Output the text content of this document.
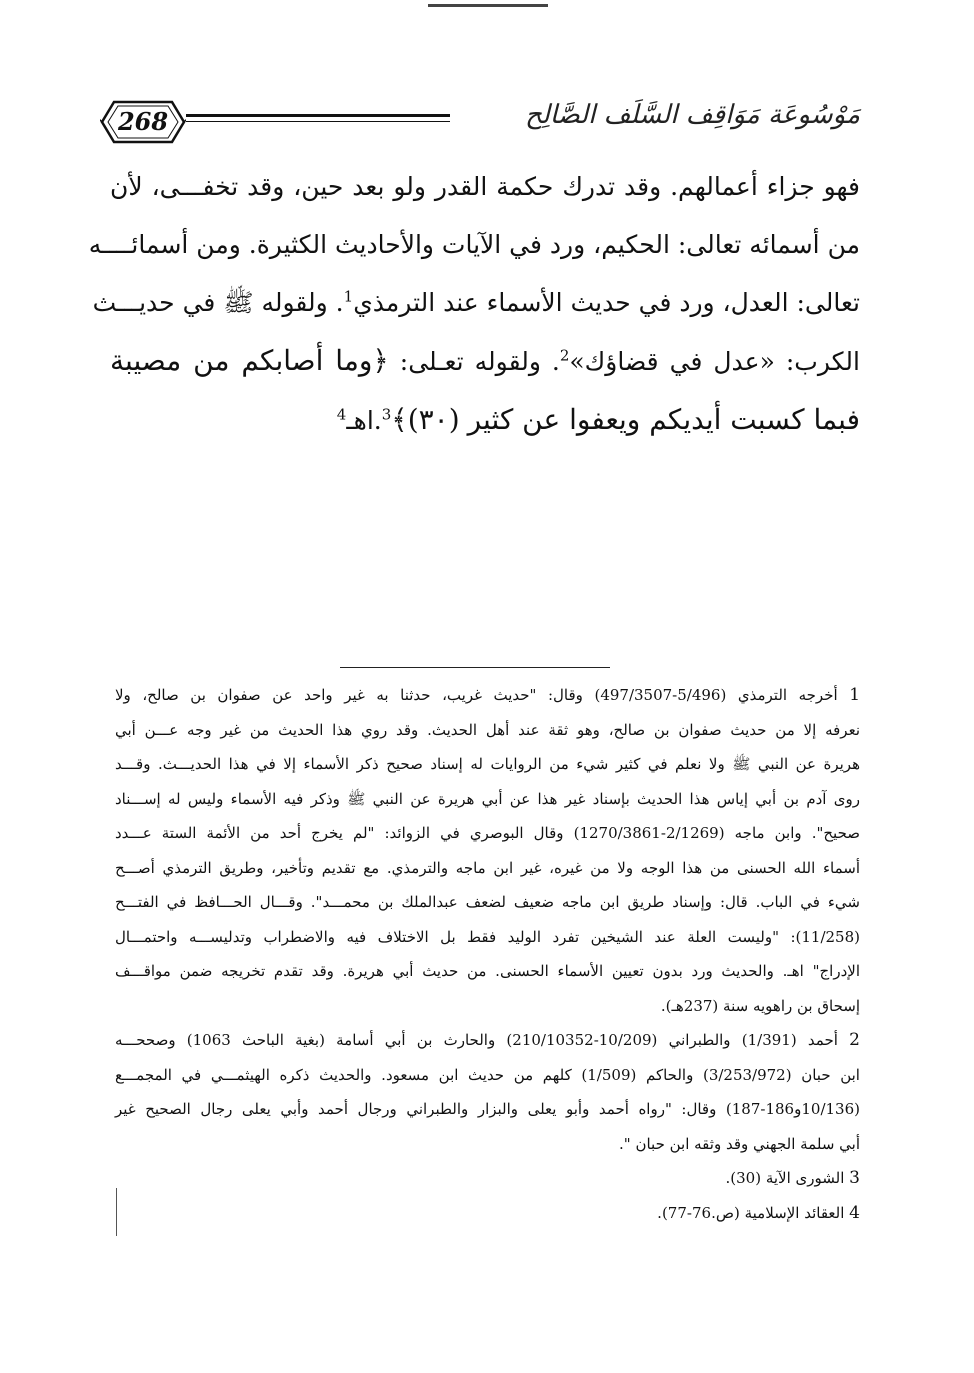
268	مَوْسُوعَة مَوَاقِف السَّلَف الصَّالِح
فهو جزاء أعمالهم. وقد تدرك حكمة القدر ولو بعد حين، وقد تخفـــى، لأن
من أسمائه تعالى: الحكيم، ورد في الآيات والأحاديث الكثيرة. ومن أسمائــــه
تعالى: العدل، ورد في حديث الأسماء عند الترمذي$^1$. ولقوله ﷺ في حديـــث
الكرب: «عدل في قضاؤك»$^2$. ولقوله تعـلى: ﴿وما أصابكم من مصيبة
فبما كسبت أيديكم ويعفوا عن كثير (٣٠)﴾$^3$.اهـ$^4$
1 أخرجه الترمذي (5/496-497/3507) وقال: "حديث غريب، حدثنا به غير واحد عن صفوان بن صالح، ولا
نعرفه إلا من حديث صفوان بن صالح، وهو ثقة عند أهل الحديث. وقد روي هذا الحديث من غير وجه عـــن أبي
هريرة عن النبي ﷺ ولا نعلم في كثير شيء من الروايات له إسناد صحيح ذكر الأسماء إلا في هذا الحديـــث. وقـــد
روى آدم بن أبي إياس هذا الحديث بإسناد غير هذا عن أبي هريرة عن النبي ﷺ وذكر فيه الأسماء وليس له إســـناد
صحيح". وابن ماجه (2/1269-1270/3861) وقال البوصري في الزوائد: "لم يخرج أحد من الأئمة الستة عـــدد
أسماء الله الحسنى من هذا الوجه ولا من غيره، غير ابن ماجه والترمذي. مع تقديم وتأخير، وطريق الترمذي أصـــح
شيء في الباب. قال: وإسناد طريق ابن ماجه ضعيف لضعف عبدالملك بن محمـــد". وقـــال الحـــافظ في الفتـــح
(11/258): "وليست العلة عند الشيخين تفرد الوليد فقط بل الاختلاف فيه والاضطراب وتدليســـه واحتمـــال
الإدراج" اهـ. والحديث ورد بدون تعيين الأسماء الحسنى. من حديث أبي هريرة. وقد تقدم تخريجه ضمن مواقـــف
إسحاق بن راهويه سنة (237هـ).
2 أحمد (1/391) والطبراني (10/209-210/10352) والحارث بن أبي أسامة (بغية الباحث 1063) وصححـــه
ابن حبان (3/253/972) والحاكم (1/509) كلهم من حديث ابن مسعود. والحديث ذكره الهيثمـــي في المجمـــع
(10/136و186-187) وقال: "رواه أحمد وأبو يعلى والبزار والطبراني ورجال أحمد وأبي يعلى رجال الصحيح غير
أبي سلمة الجهني وقد وثقه ابن حبان ".
3 الشورى الآية (30).
4 العقائد الإسلامية (ص.76-77).
